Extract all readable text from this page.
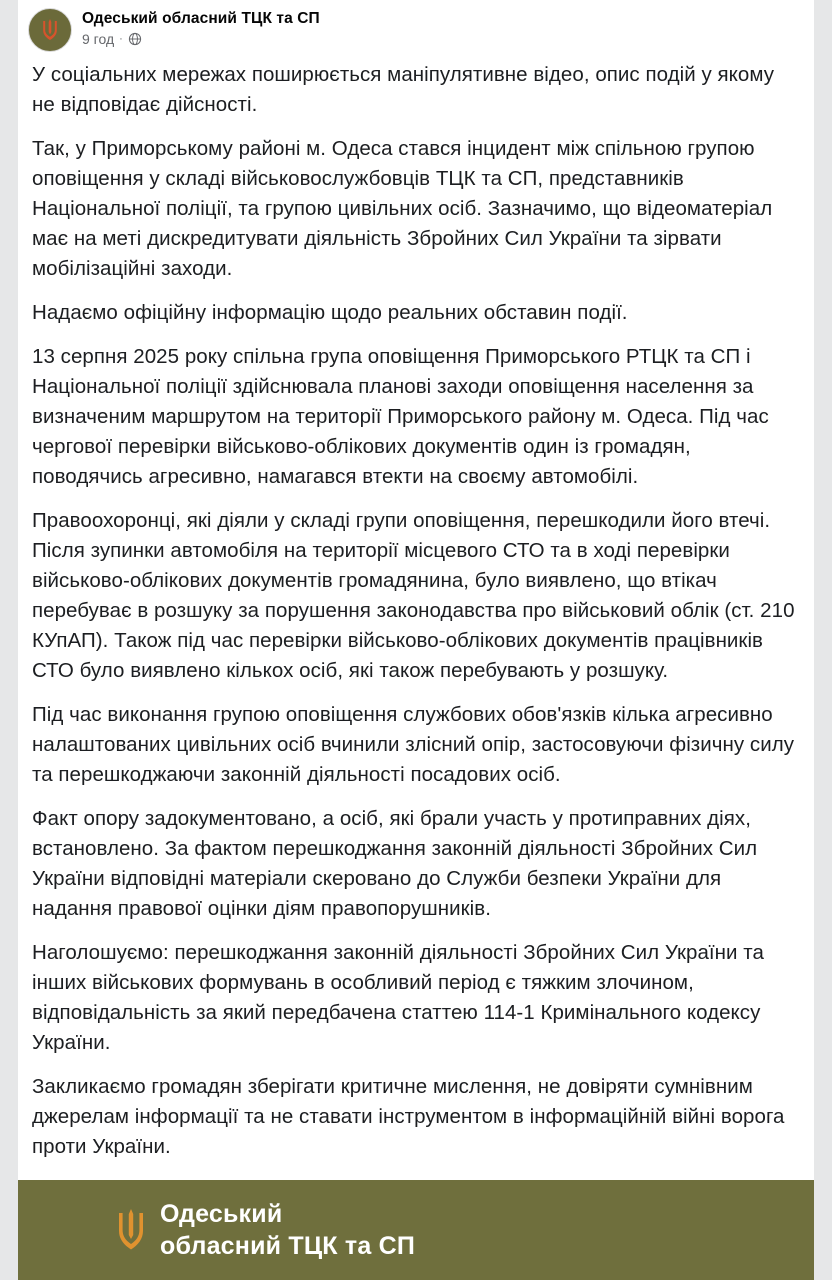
Одеський обласний ТЦК та СП
9 год ·

У соціальних мережах поширюється маніпулятивне відео, опис подій у якому не відповідає дійсності.

Так, у Приморському районі м. Одеса стався інцидент між спільною групою оповіщення у складі військовослужбовців ТЦК та СП, представників Національної поліції, та групою цивільних осіб. Зазначимо, що відеоматеріал має на меті дискредитувати діяльність Збройних Сил України та зірвати мобілізаційні заходи.

Надаємо офіційну інформацію щодо реальних обставин події.

13 серпня 2025 року спільна група оповіщення Приморського РТЦК та СП і Національної поліції здійснювала планові заходи оповіщення населення за визначеним маршрутом на території Приморського району м. Одеса. Під час чергової перевірки військово-облікових документів один із громадян, поводячись агресивно, намагався втекти на своєму автомобілі.

Правоохоронці, які діяли у складі групи оповіщення, перешкодили його втечі. Після зупинки автомобіля на території місцевого СТО та в ході перевірки військово-облікових документів громадянина, було виявлено, що втікач перебуває в розшуку за порушення законодавства про військовий облік (ст. 210 КУпАП). Також під час перевірки військово-облікових документів працівників СТО було виявлено кількох осіб, які також перебувають у розшуку.

Під час виконання групою оповіщення службових обов'язків кілька агресивно налаштованих цивільних осіб вчинили злісний опір, застосовуючи фізичну силу та перешкоджаючи законній діяльності посадових осіб.

Факт опору задокументовано, а осіб, які брали участь у протиправних діях, встановлено. За фактом перешкоджання законній діяльності Збройних Сил України відповідні матеріали скеровано до Служби безпеки України для надання правової оцінки діям правопорушників.

Наголошуємо: перешкоджання законній діяльності Збройних Сил України та інших військових формувань в особливий період є тяжким злочином, відповідальність за який передбачена статтею 114-1 Кримінального кодексу України.

Закликаємо громадян зберігати критичне мислення, не довіряти сумнівним джерелам інформації та не ставати інструментом в інформаційній війні ворога проти України.

Одеський
обласний ТЦК та СП
